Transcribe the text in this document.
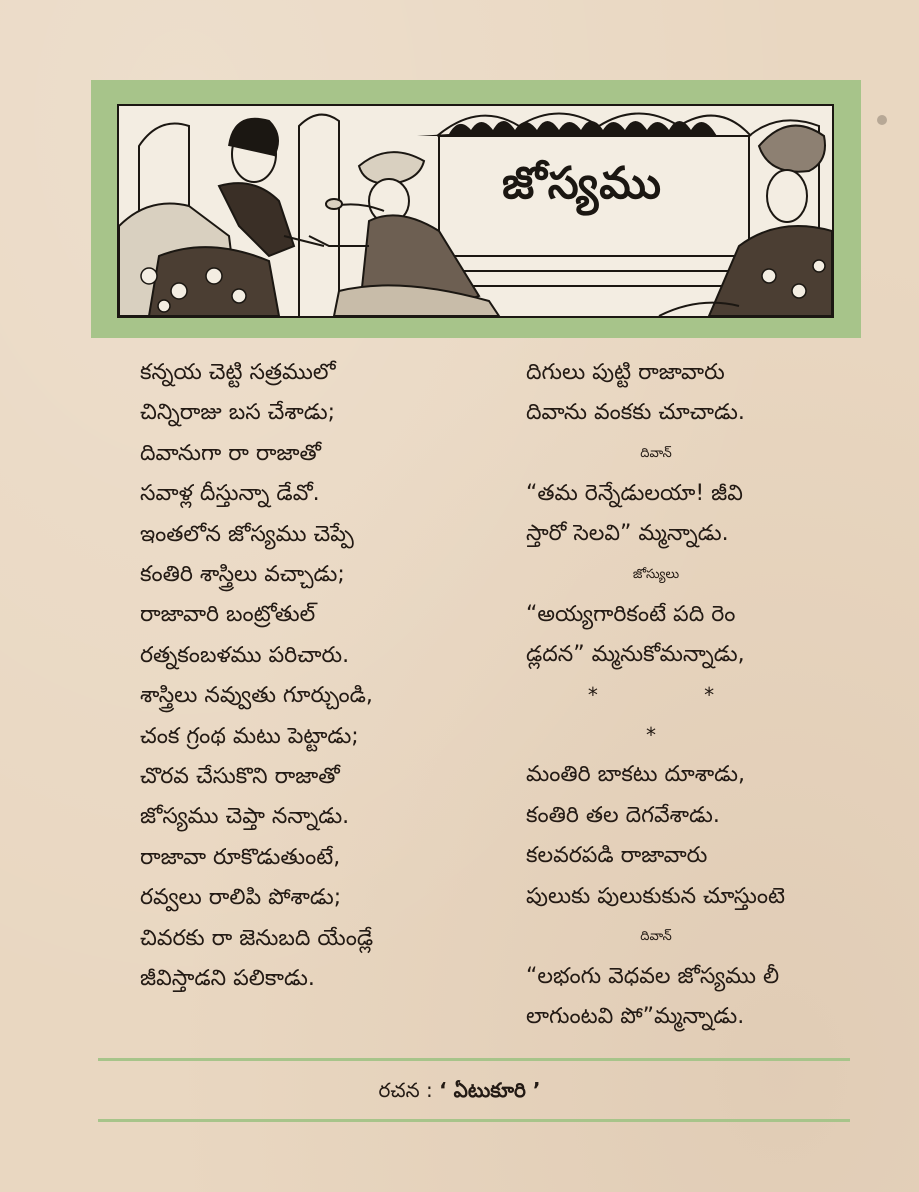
జోస్యము
కన్నయ చెట్టి సత్రములో
చిన్నిరాజు బస చేశాడు;
దివానుగా రా రాజాతో
సవాళ్ల దీస్తున్నా డేవో.
ఇంతలోన జోస్యము చెప్పే
కంతిరి శాస్త్రిలు వచ్చాడు;
రాజావారి బంట్రోతుల్
రత్నకంబళము పరిచారు.
శాస్త్రిలు నవ్వుతు గూర్చుండి,
చంక గ్రంథ మటు పెట్టాడు;
చొరవ చేసుకొని రాజాతో
జోస్యము చెప్తా నన్నాడు.
రాజావా రూకొడుతుంటే,
రవ్వలు రాలిపి పోశాడు;
చివరకు రా జెనుబది యేండ్లే
జీవిస్తాడని పలికాడు.
దిగులు పుట్టి రాజావారు
దివాను వంకకు చూచాడు.
దివాన్
“తమ రెన్నేడులయా! జీవి
స్తారో సెలవి” మ్మన్నాడు.
జోస్యులు
“అయ్యగారికంటే పది రెం
డ్లదన” మ్మనుకోమన్నాడు,
* * *
మంతిరి బాకటు దూశాడు,
కంతిరి తల దెగవేశాడు.
కలవరపడి రాజావారు
పులుకు పులుకుకున చూస్తుంటె
దివాన్
“లభంగు వెధవల జోస్యము లీ
లాగుంటవి పో”మ్మన్నాడు.
రచన : ‘ ఏటుకూరి ’
